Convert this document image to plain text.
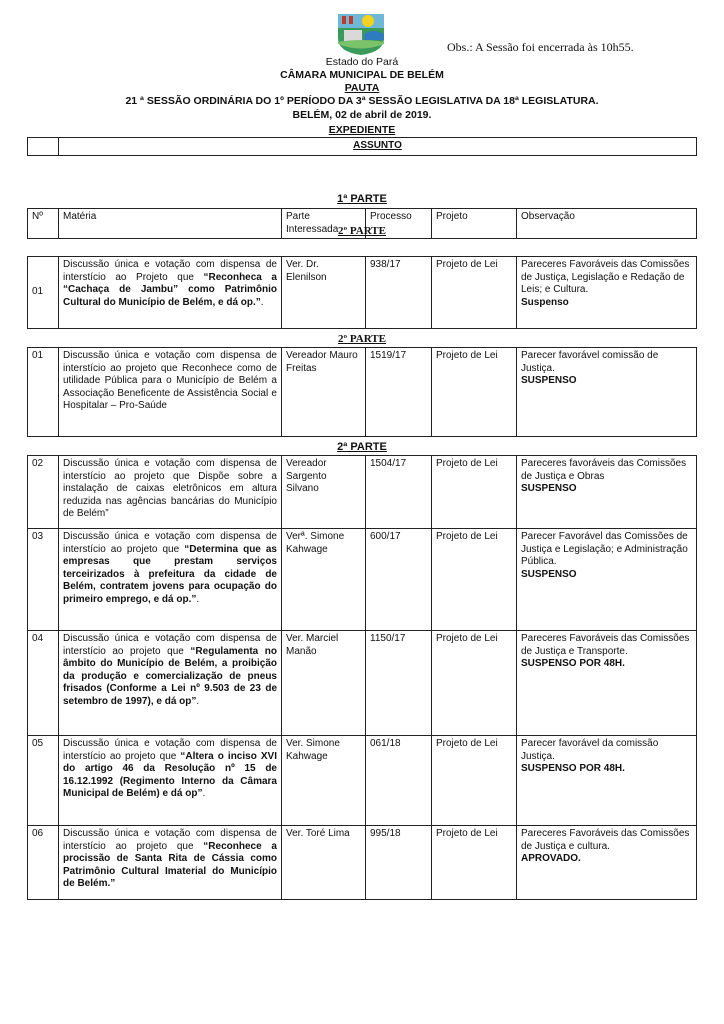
Obs.: A Sessão foi encerrada às 10h55.
Estado do Pará
CÂMARA MUNICIPAL DE BELÉM
PAUTA
21 ª SESSÃO ORDINÁRIA DO 1º PERÍODO DA 3ª SESSÃO LEGISLATIVA DA 18ª LEGISLATURA.
BELÉM, 02 de abril de 2019.
EXPEDIENTE
	ASSUNTO
1ª PARTE
Nº	Matéria	Parte Interessada	Processo	Projeto	Observação
2º PARTE
01	Discussão única e votação com dispensa de interstício ao Projeto que “Reconheca a “Cachaça de Jambu” como Patrimônio Cultural do Município de Belém, e dá op.”.	Ver. Dr. Elenilson	938/17	Projeto de Lei	Pareceres Favoráveis das Comissões de Justiça, Legislação e Redação de Leis; e Cultura.
Suspenso
2º PARTE
01	Discussão única e votação com dispensa de interstício ao projeto que Reconhece como de utilidade Pública para o Município de Belém a Associação Beneficente de Assistência Social e Hospitalar – Pro-Saúde	Vereador Mauro Freitas	1519/17	Projeto de Lei	Parecer favorável comissão de Justiça.
SUSPENSO
2ª PARTE
02	Discussão única e votação com dispensa de interstício ao projeto que Dispõe sobre a instalação de caixas eletrônicos em altura reduzida nas agências bancárias do Município de Belém”	Vereador Sargento Silvano	1504/17	Projeto de Lei	Pareceres favoráveis das Comissões de Justiça e Obras
SUSPENSO
03	Discussão única e votação com dispensa de interstício ao projeto que “Determina que as empresas que prestam serviços terceirizados à prefeitura da cidade de Belém, contratem jovens para ocupação do primeiro emprego, e dá op.”.	Verª. Simone Kahwage	600/17	Projeto de Lei	Parecer Favorável das Comissões de Justiça e Legislação; e Administração Pública.
SUSPENSO
04	Discussão única e votação com dispensa de interstício ao projeto que “Regulamenta no âmbito do Município de Belém, a proibição da produção e comercialização de pneus frisados (Conforme a Lei nº 9.503 de 23 de setembro de 1997), e dá op”.	Ver. Marciel Manão	1150/17	Projeto de Lei	Pareceres Favoráveis das Comissões de Justiça e Transporte.
SUSPENSO POR 48H.
05	Discussão única e votação com dispensa de interstício ao projeto que “Altera o inciso XVI do artigo 46 da Resolução nº 15 de 16.12.1992 (Regimento Interno da Câmara Municipal de Belém) e dá op”.	Ver. Simone Kahwage	061/18	Projeto de Lei	Parecer favorável da comissão Justiça.
SUSPENSO POR 48H.
06	Discussão única e votação com dispensa de interstício ao projeto que “Reconhece a procissão de Santa Rita de Cássia como Patrimônio Cultural Imaterial do Município de Belém.”	Ver. Toré Lima	995/18	Projeto de Lei	Pareceres Favoráveis das Comissões de Justiça e cultura.
APROVADO.
